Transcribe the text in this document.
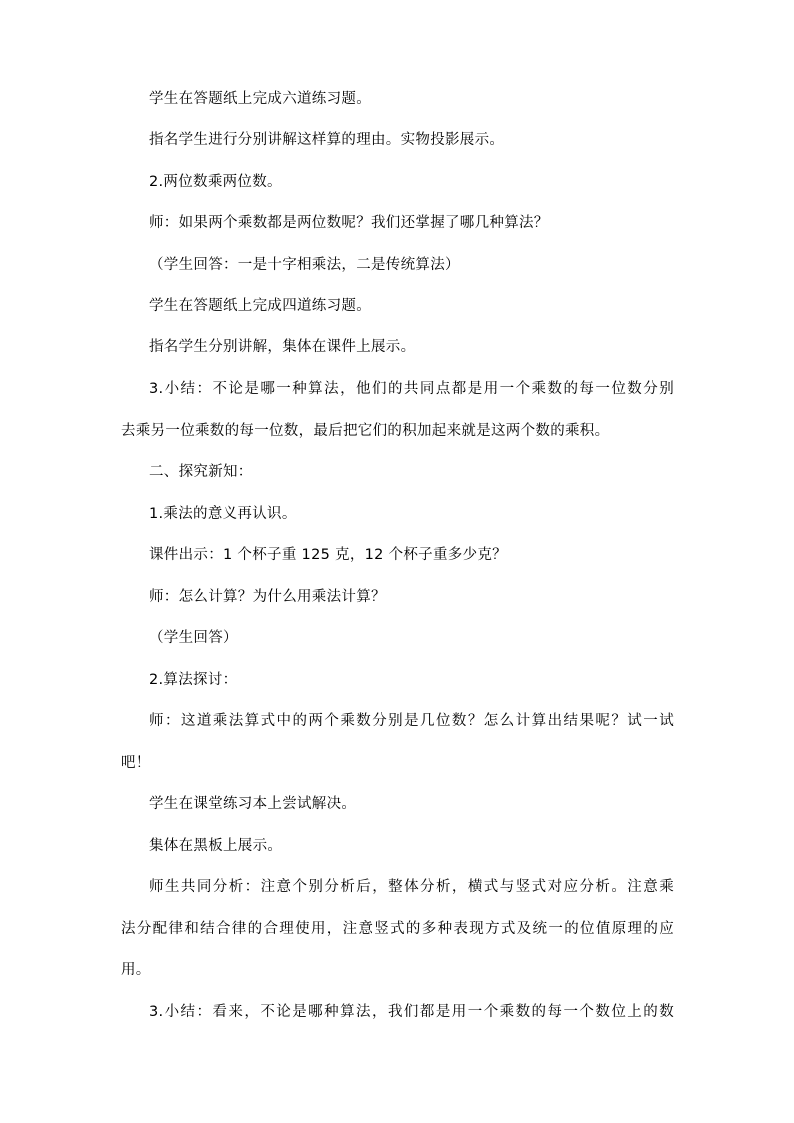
学生在答题纸上完成六道练习题。
指名学生进行分别讲解这样算的理由。实物投影展示。
2.两位数乘两位数。
师：如果两个乘数都是两位数呢？我们还掌握了哪几种算法？
（学生回答：一是十字相乘法，二是传统算法）
学生在答题纸上完成四道练习题。
指名学生分别讲解，集体在课件上展示。
3.小结：不论是哪一种算法，他们的共同点都是用一个乘数的每一位数分别
去乘另一位乘数的每一位数，最后把它们的积加起来就是这两个数的乘积。
二、探究新知：
1.乘法的意义再认识。
课件出示：1 个杯子重 125 克，12 个杯子重多少克？
师：怎么计算？为什么用乘法计算？
（学生回答）
2.算法探讨：
师：这道乘法算式中的两个乘数分别是几位数？怎么计算出结果呢？试一试
吧！
学生在课堂练习本上尝试解决。
集体在黑板上展示。
师生共同分析：注意个别分析后，整体分析，横式与竖式对应分析。注意乘
法分配律和结合律的合理使用，注意竖式的多种表现方式及统一的位值原理的应
用。
3.小结：看来，不论是哪种算法，我们都是用一个乘数的每一个数位上的数
